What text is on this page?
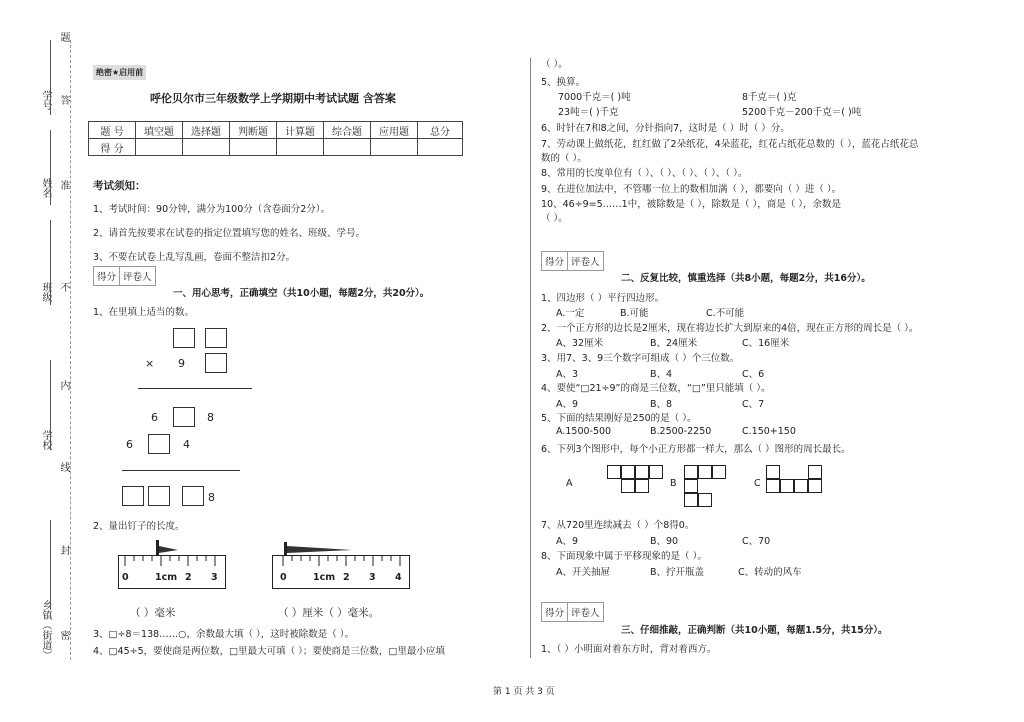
题
学号 答
姓名 准
班级 不
内
学校
线
封
乡镇（街道） 密
绝密★启用前
呼伦贝尔市三年级数学上学期期中考试试题 含答案
题 号	填空题	选择题	判断题	计算题	综合题	应用题	总分
得 分							
考试须知：
1、考试时间：90分钟，满分为100分（含卷面分2分）。
2、请首先按要求在试卷的指定位置填写您的姓名、班级、学号。
3、不要在试卷上乱写乱画，卷面不整洁扣2分。
得分 评卷人
一、用心思考，正确填空（共10小题，每题2分，共20分）。
1、在里填上适当的数。
× 9
6	8
6	4
8
2、量出钉子的长度。
0	1cm 2 3	0	1cm 2 3 4
（ ）毫米	（ ）厘米（ ）毫米。
3、□÷8＝138……○，余数最大填（ ），这时被除数是（ ）。
4、□45÷5，要使商是两位数，□里最大可填（ ）；要使商是三位数，□里最小应填
（ ）。
5、换算。
7000千克＝( )吨	8千克＝( )克
23吨＝( )千克	5200千克－200千克＝( )吨
6、时针在7和8之间，分针指向7，这时是（ ）时（ ）分。
7、劳动课上做纸花，红红做了2朵纸花，4朵蓝花，红花占纸花总数的（ ），蓝花占纸花总
数的（ ）。
8、常用的长度单位有（ ）、（ ）、（ ）、（ ）、（ ）。
9、在进位加法中，不管哪一位上的数相加满（ ），都要向（ ）进（ ）。
10、46÷9=5……1中，被除数是（ ），除数是（ ），商是（ ），余数是
（ ）。
得分 评卷人
二、反复比较，慎重选择（共8小题，每题2分，共16分）。
1、四边形（ ）平行四边形。
A.一定	B.可能	C.不可能
2、一个正方形的边长是2厘米，现在将边长扩大到原来的4倍，现在正方形的周长是（ ）。
A、32厘米	B、24厘米	C、16厘米
3、用7、3、9三个数字可组成（ ）个三位数。
A、3	B、4	C、6
4、要使“□21÷9”的商是三位数，“□”里只能填（ ）。
A、9	B、8	C、7
5、下面的结果刚好是250的是（ ）。
A.1500-500	B.2500-2250	C.150+150
6、下列3个图形中，每个小正方形都一样大，那么（ ）图形的周长最长。
A	B	C
7、从720里连续减去（ ）个8得0。
A、9	B、90	C、70
8、下面现象中属于平移现象的是（ ）。
A、开关抽屉	B、拧开瓶盖	C、转动的风车
得分 评卷人
三、仔细推敲，正确判断（共10小题，每题1.5分，共15分）。
1、（ ）小明面对着东方时，背对着西方。
第 1 页 共 3 页
